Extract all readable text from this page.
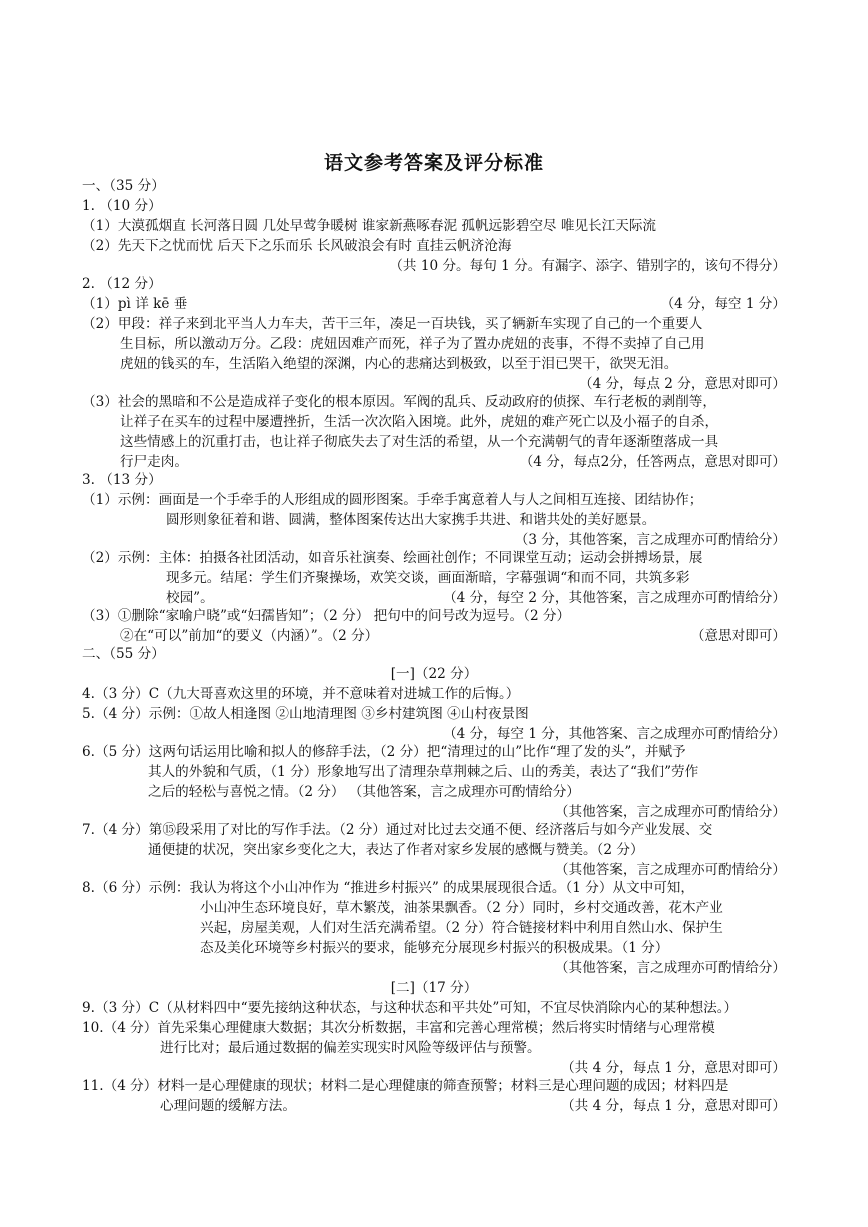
语文参考答案及评分标准
一、（35 分）
1. （10 分）
（1）大漠孤烟直 长河落日圆 几处早莺争暖树 谁家新燕啄春泥 孤帆远影碧空尽 唯见长江天际流
（2）先天下之忧而忧 后天下之乐而乐 长风破浪会有时 直挂云帆济沧海
（共 10 分。每句 1 分。有漏字、添字、错别字的，该句不得分）
2. （12 分）
（1）pì 详 kē 垂	（4 分，每空 1 分）
（2）甲段：祥子来到北平当人力车夫，苦干三年，凑足一百块钱，买了辆新车实现了自己的一个重要人
生目标，所以激动万分。乙段：虎妞因难产而死，祥子为了置办虎妞的丧事，不得不卖掉了自己用
虎妞的钱买的车，生活陷入绝望的深渊，内心的悲痛达到极致，以至于泪已哭干，欲哭无泪。
（4 分，每点 2 分，意思对即可）
（3）社会的黑暗和不公是造成祥子变化的根本原因。军阀的乱兵、反动政府的侦探、车行老板的剥削等，
让祥子在买车的过程中屡遭挫折，生活一次次陷入困境。此外，虎妞的难产死亡以及小福子的自杀，
这些情感上的沉重打击，也让祥子彻底失去了对生活的希望，从一个充满朝气的青年逐渐堕落成一具
行尸走肉。	（4 分，每点2分，任答两点，意思对即可）
3. （13 分）
（1）示例：画面是一个手牵手的人形组成的圆形图案。手牵手寓意着人与人之间相互连接、团结协作；
圆形则象征着和谐、圆满，整体图案传达出大家携手共进、和谐共处的美好愿景。
（3 分，其他答案，言之成理亦可酌情给分）
（2）示例：主体：拍摄各社团活动，如音乐社演奏、绘画社创作；不同课堂互动；运动会拼搏场景，展
现多元。结尾：学生们齐聚操场，欢笑交谈，画面渐暗，字幕强调“和而不同，共筑多彩
校园”。	（4 分，每空 2 分，其他答案，言之成理亦可酌情给分）
（3）①删除“家喻户晓”或“妇孺皆知”；（2 分） 把句中的问号改为逗号。（2 分）
②在“可以”前加“的要义（内涵）”。（2 分）	（意思对即可）
二、（55 分）
[一]（22 分）
4.（3 分）C（九大哥喜欢这里的环境，并不意味着对进城工作的后悔。）
5.（4 分）示例：①故人相逢图 ②山地清理图 ③乡村建筑图 ④山村夜景图
（4 分，每空 1 分，其他答案、言之成理亦可酌情给分）
6.（5 分）这两句话运用比喻和拟人的修辞手法，（2 分）把“清理过的山”比作“理了发的头”，并赋予
其人的外貌和气质，（1 分）形象地写出了清理杂草荆棘之后、山的秀美，表达了“我们”劳作
之后的轻松与喜悦之情。（2 分） （其他答案，言之成理亦可酌情给分）
（其他答案，言之成理亦可酌情给分）
7.（4 分）第⑮段采用了对比的写作手法。（2 分）通过对比过去交通不便、经济落后与如今产业发展、交
通便捷的状况，突出家乡变化之大，表达了作者对家乡发展的感慨与赞美。（2 分）
（其他答案，言之成理亦可酌情给分）
8.（6 分）示例：我认为将这个小山冲作为 “推进乡村振兴” 的成果展现很合适。（1 分）从文中可知，
小山冲生态环境良好，草木繁茂，油茶果飘香。（2 分）同时，乡村交通改善，花木产业
兴起，房屋美观，人们对生活充满希望。（2 分）符合链接材料中利用自然山水、保护生
态及美化环境等乡村振兴的要求，能够充分展现乡村振兴的积极成果。（1 分）
（其他答案，言之成理亦可酌情给分）
[二]（17 分）
9.（3 分）C（从材料四中“要先接纳这种状态，与这种状态和平共处”可知，不宜尽快消除内心的某种想法。）
10.（4 分）首先采集心理健康大数据；其次分析数据，丰富和完善心理常模；然后将实时情绪与心理常模
进行比对；最后通过数据的偏差实现实时风险等级评估与预警。
（共 4 分，每点 1 分，意思对即可）
11.（4 分）材料一是心理健康的现状；材料二是心理健康的筛查预警；材料三是心理问题的成因；材料四是
心理问题的缓解方法。	（共 4 分，每点 1 分，意思对即可）
